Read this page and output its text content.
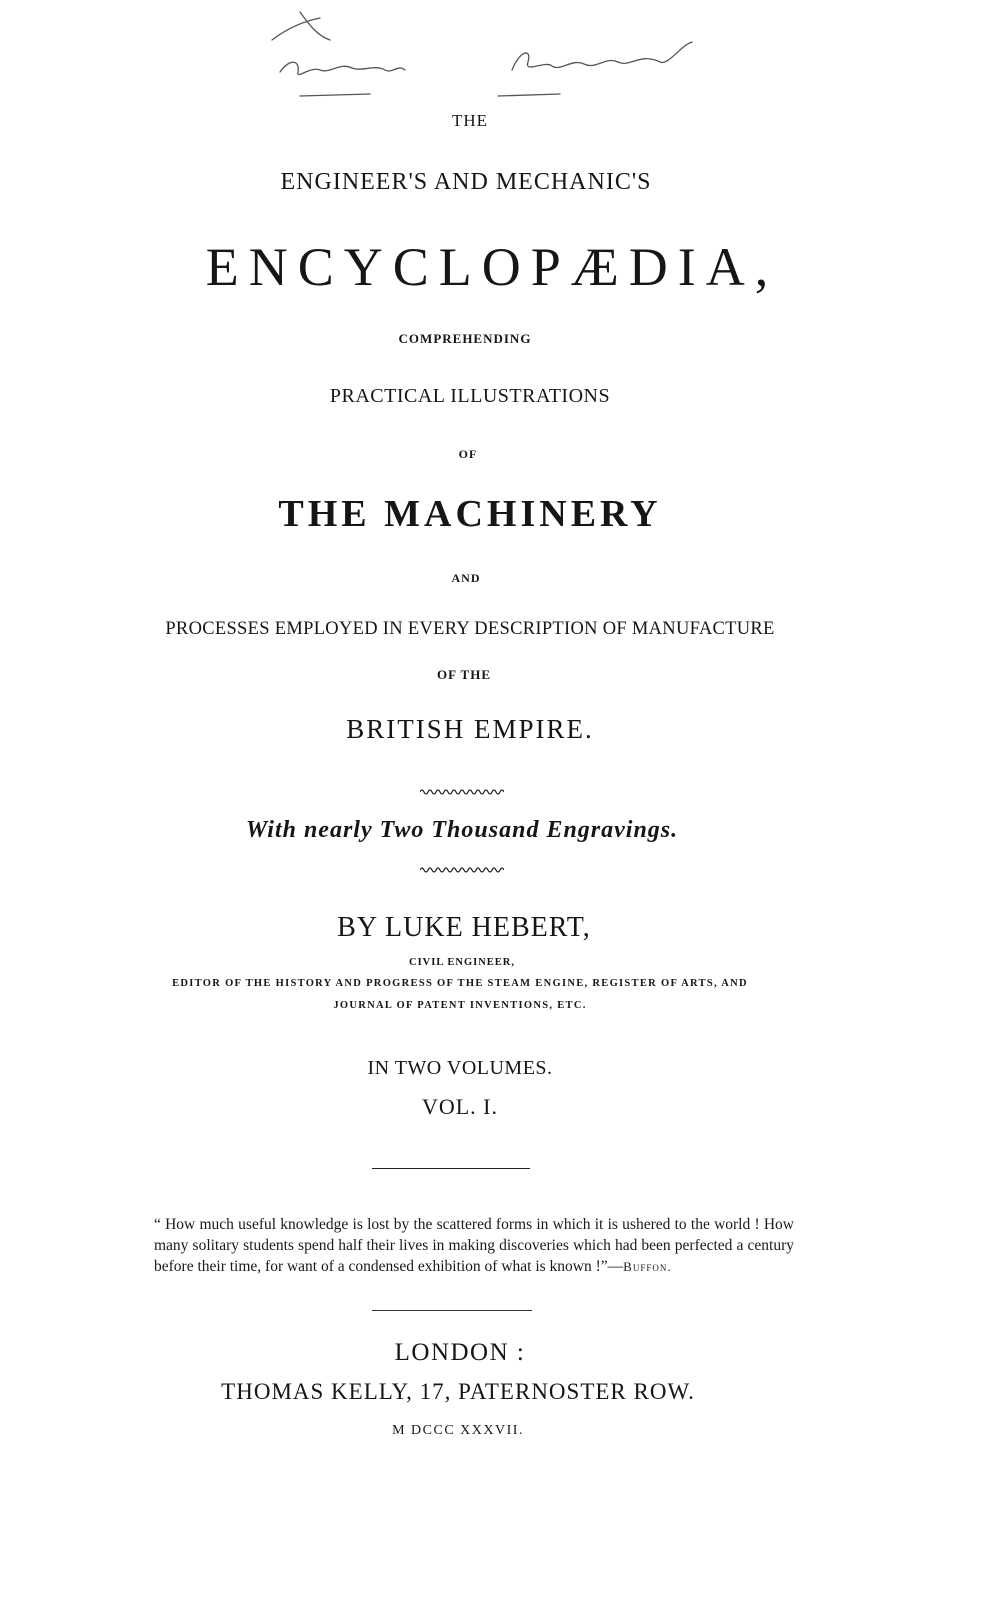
THE
ENGINEER'S AND MECHANIC'S
ENCYCLOPÆDIA,
COMPREHENDING
PRACTICAL ILLUSTRATIONS
OF
THE MACHINERY
AND
PROCESSES EMPLOYED IN EVERY DESCRIPTION OF MANUFACTURE
OF THE
BRITISH EMPIRE.
With nearly Two Thousand Engravings.
BY LUKE HEBERT,
CIVIL ENGINEER,
EDITOR OF THE HISTORY AND PROGRESS OF THE STEAM ENGINE, REGISTER OF ARTS, AND
JOURNAL OF PATENT INVENTIONS, ETC.
IN TWO VOLUMES.
VOL. I.
“ How much useful knowledge is lost by the scattered forms in which it is ushered to the world ! How many solitary students spend half their lives in making discoveries which had been perfected a century before their time, for want of a condensed exhibition of what is known !”—Buffon.
LONDON :
THOMAS KELLY, 17, PATERNOSTER ROW.
M DCCC XXXVII.
